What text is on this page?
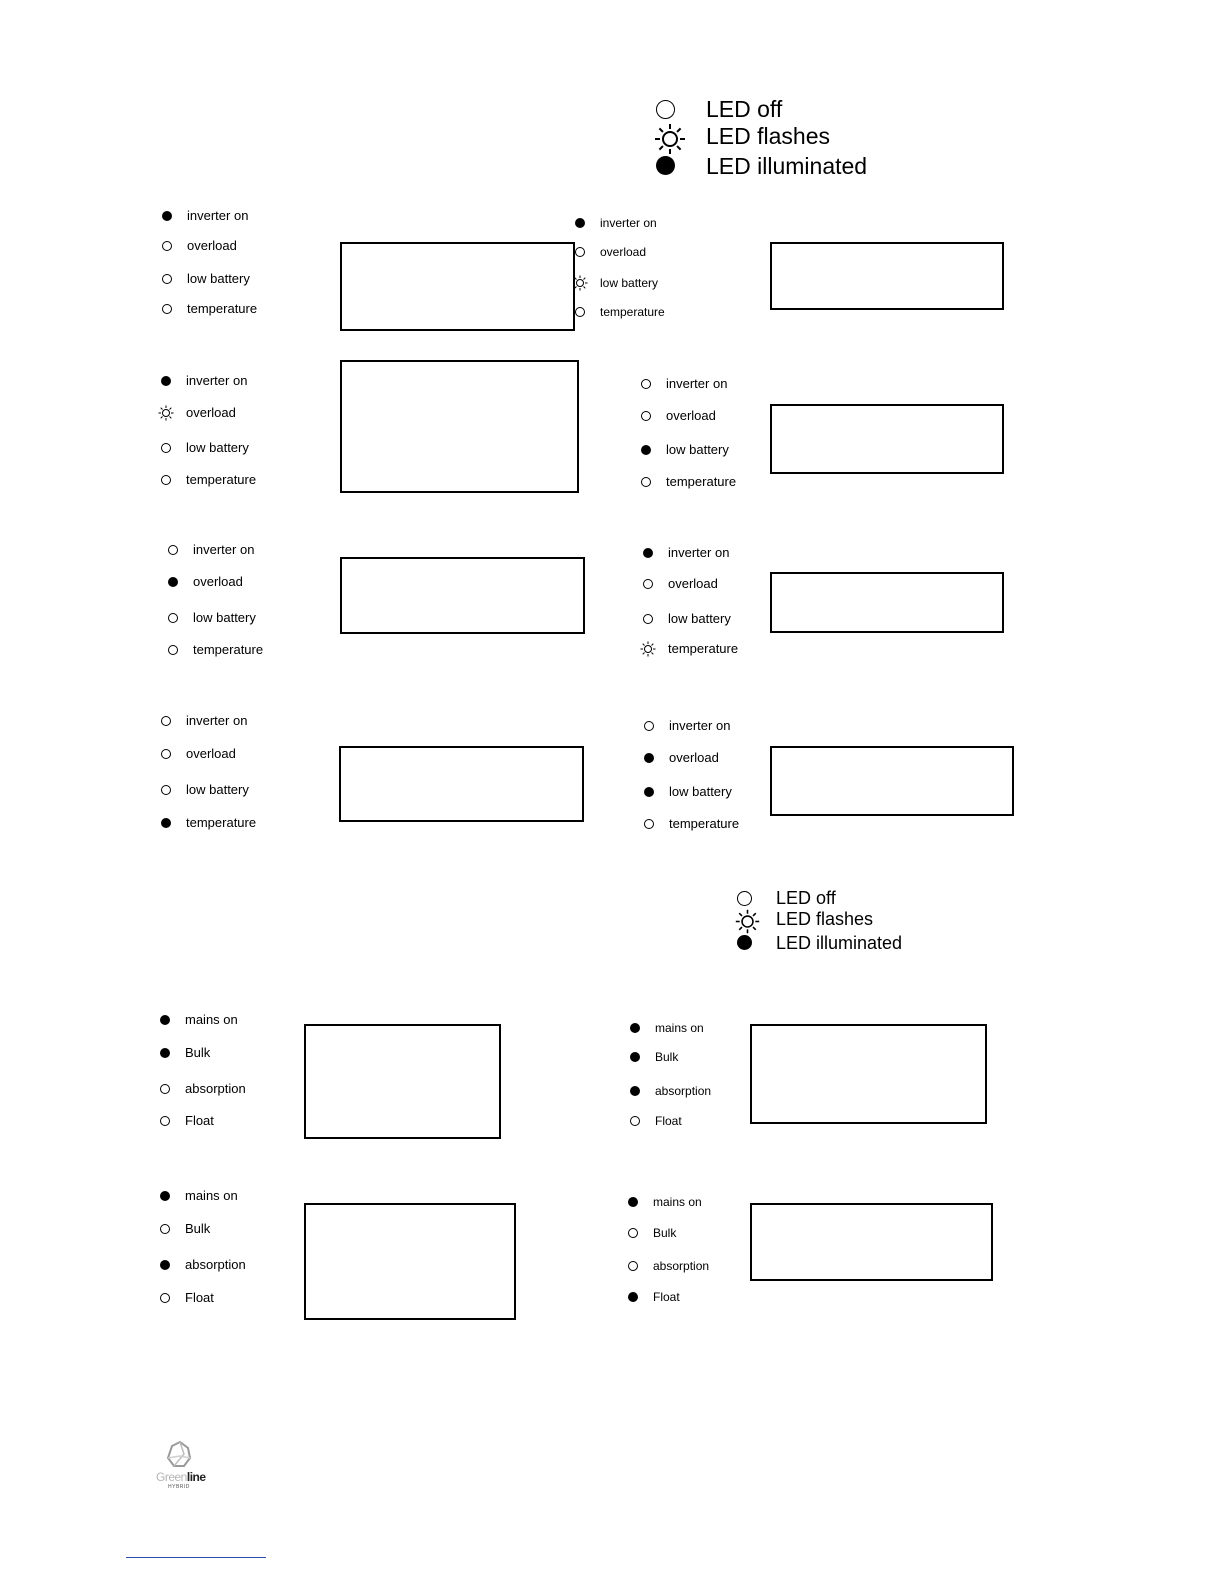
LED off
LED flashes
LED illuminated
LED off
LED flashes
LED illuminated
inverter on
overload
low battery
temperature
inverter on
overload
low battery
temperature
inverter on
overload
low battery
temperature
inverter on
overload
low battery
temperature
inverter on
overload
low battery
temperature
inverter on
overload
low battery
temperature
inverter on
overload
low battery
temperature
inverter on
overload
low battery
temperature
mains on
Bulk
absorption
Float
mains on
Bulk
absorption
Float
mains on
Bulk
absorption
Float
mains on
Bulk
absorption
Float
Greenline
HYBRID
